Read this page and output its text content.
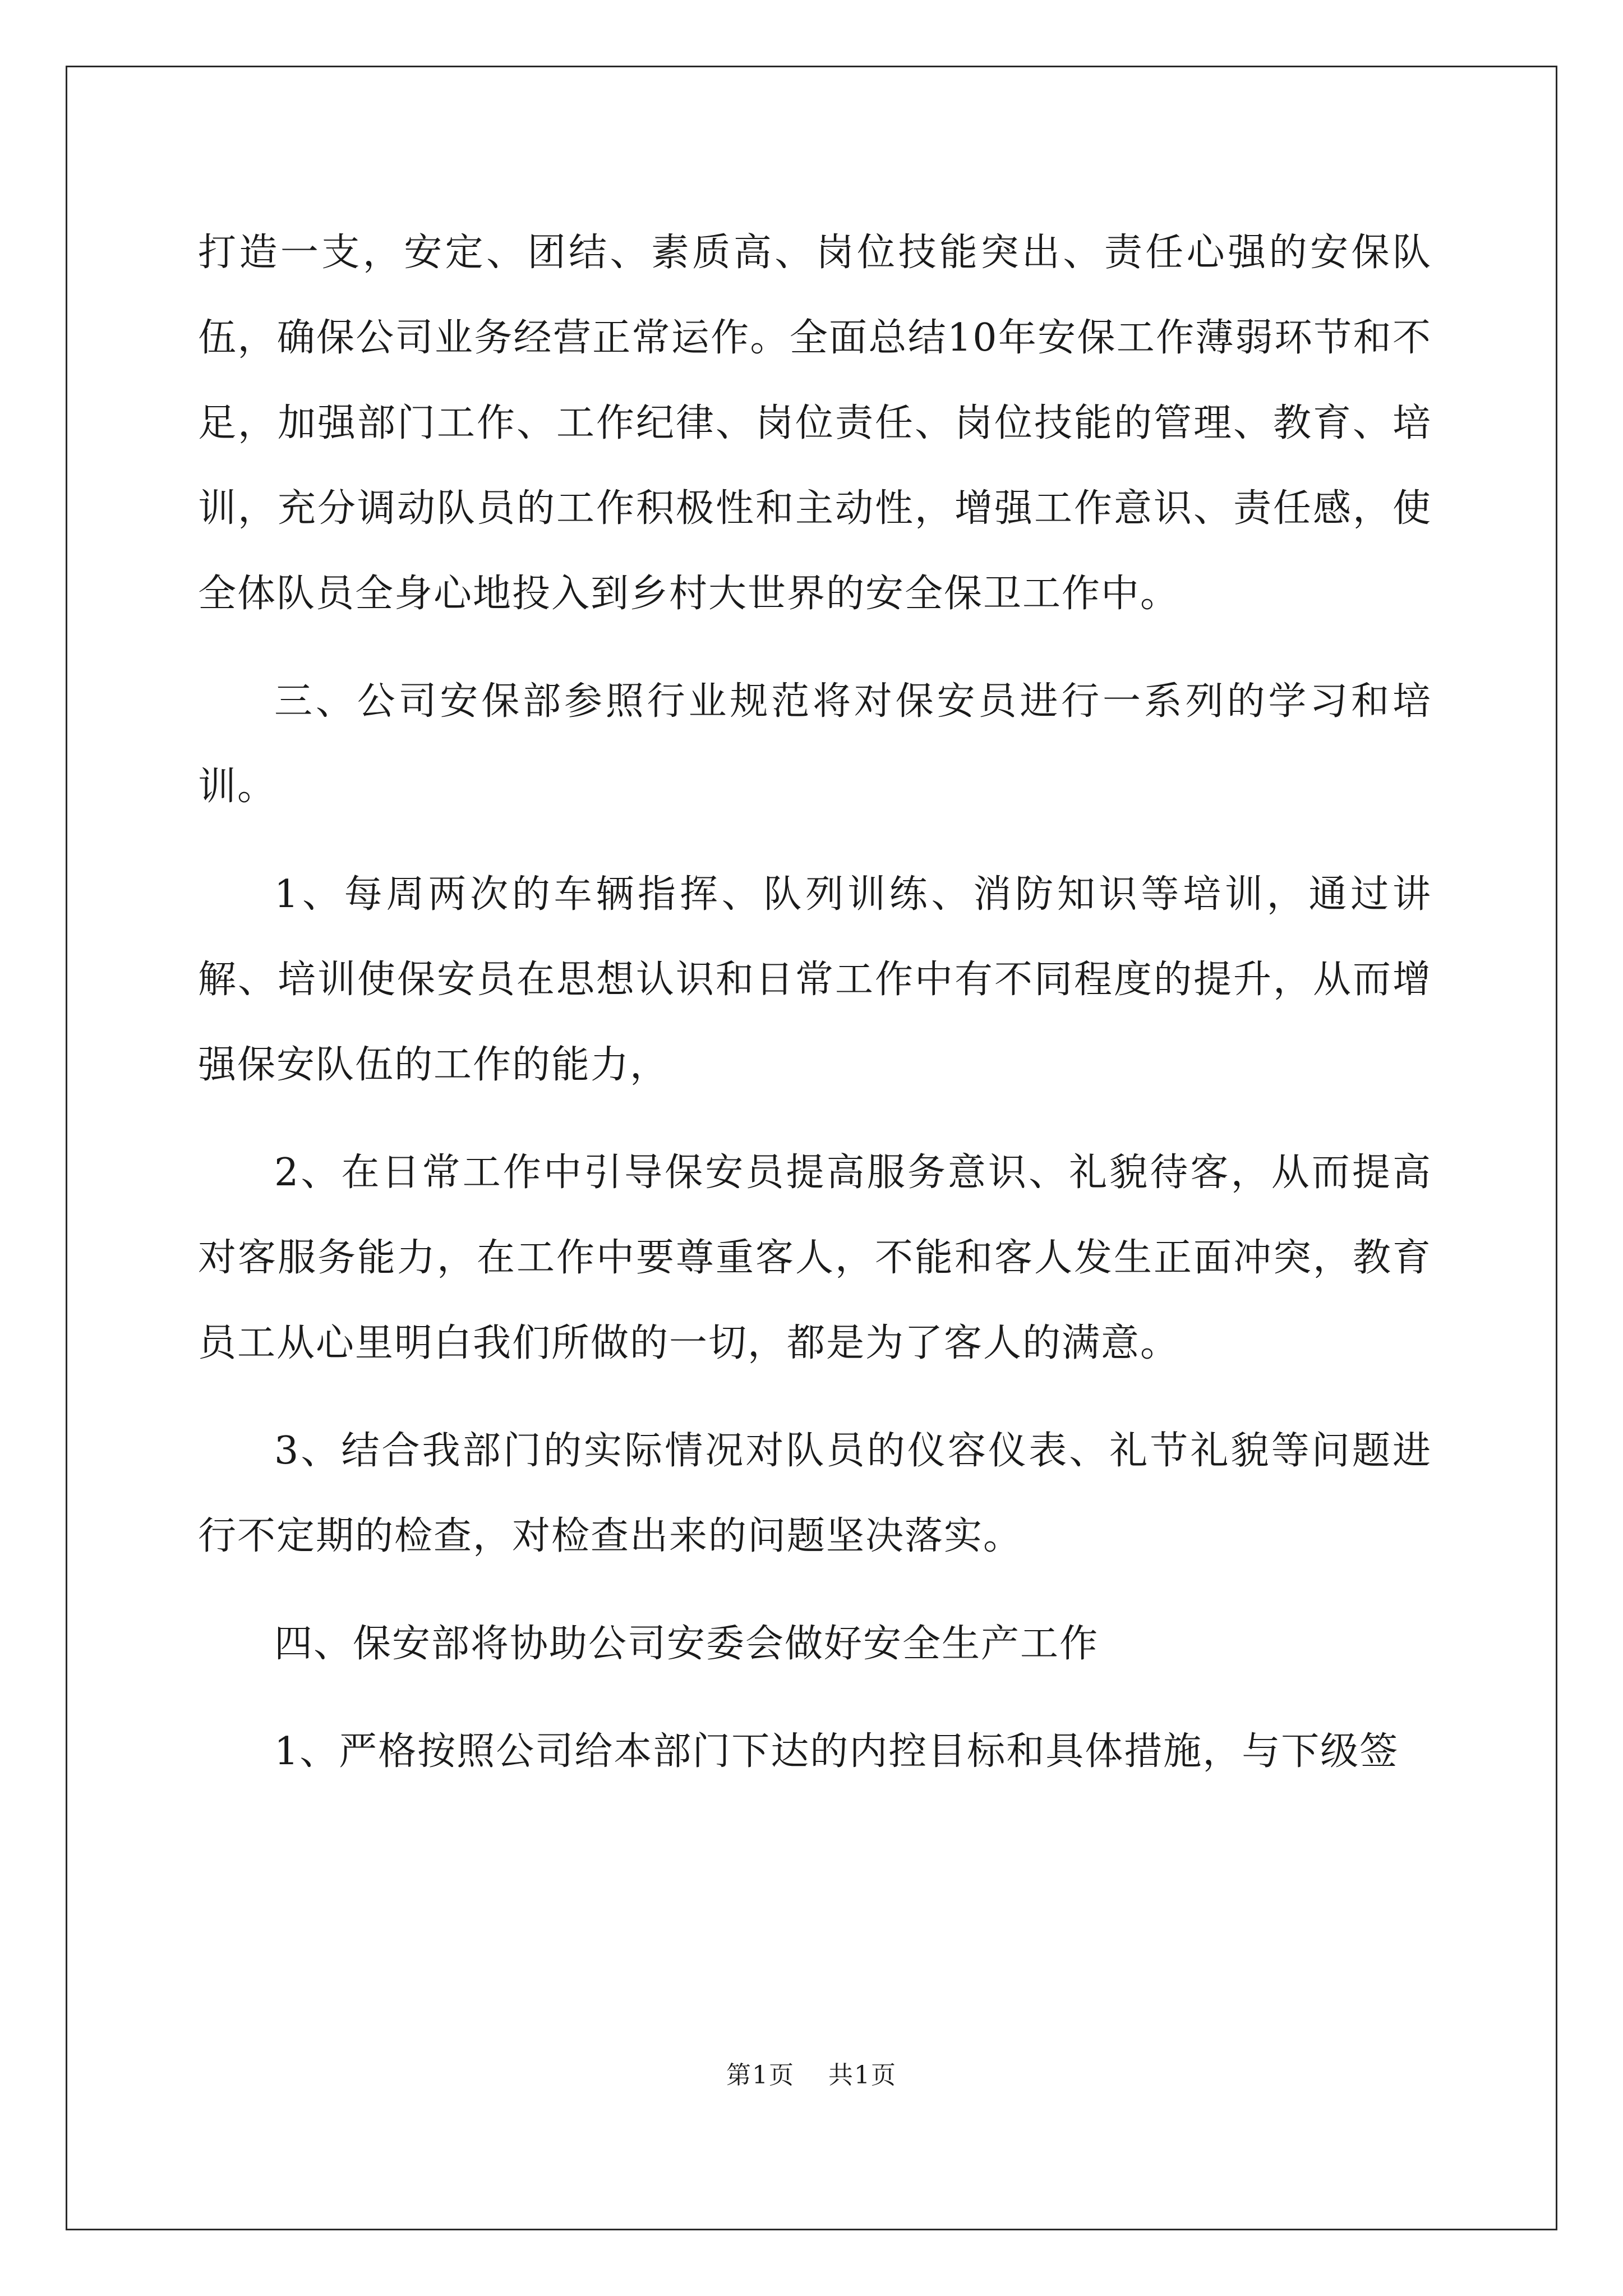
打造一支，安定、团结、素质高、岗位技能突出、责任心强的安保队伍，确保公司业务经营正常运作。全面总结10年安保工作薄弱环节和不足，加强部门工作、工作纪律、岗位责任、岗位技能的管理、教育、培训，充分调动队员的工作积极性和主动性，增强工作意识、责任感，使全体队员全身心地投入到乡村大世界的安全保卫工作中。

三、公司安保部参照行业规范将对保安员进行一系列的学习和培训。

1、每周两次的车辆指挥、队列训练、消防知识等培训，通过讲解、培训使保安员在思想认识和日常工作中有不同程度的提升，从而增强保安队伍的工作的能力，

2、在日常工作中引导保安员提高服务意识、礼貌待客，从而提高对客服务能力，在工作中要尊重客人，不能和客人发生正面冲突，教育员工从心里明白我们所做的一切，都是为了客人的满意。

3、结合我部门的实际情况对队员的仪容仪表、礼节礼貌等问题进行不定期的检查，对检查出来的问题坚决落实。

四、保安部将协助公司安委会做好安全生产工作

1、严格按照公司给本部门下达的内控目标和具体措施，与下级签

第1页 共1页
